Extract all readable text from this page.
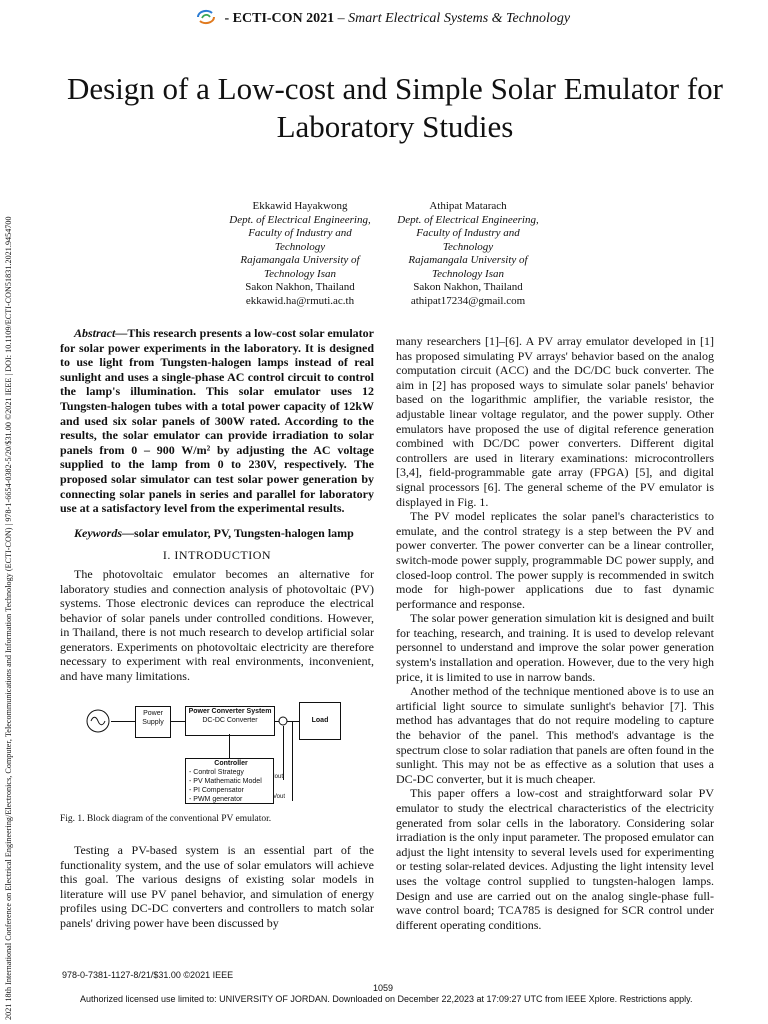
2021 18th International Conference on Electrical Engineering/Electronics, Computer, Telecommunications and Information Technology (ECTI-CON) | 978-1-6654-0382-5/20/$31.00 ©2021 IEEE | DOI: 10.1109/ECTI-CON51831.2021.9454700
- ECTI-CON 2021 – Smart Electrical Systems & Technology
Design of a Low-cost and Simple Solar Emulator for Laboratory Studies
Ekkawid Hayakwong
Dept. of Electrical Engineering,
Faculty of Industry and
Technology
Rajamangala University of
Technology Isan
Sakon Nakhon, Thailand
ekkawid.ha@rmuti.ac.th
Athipat Matarach
Dept. of Electrical Engineering,
Faculty of Industry and
Technology
Rajamangala University of
Technology Isan
Sakon Nakhon, Thailand
athipat17234@gmail.com

Abstract—This research presents a low-cost solar emulator for solar power experiments in the laboratory. It is designed to use light from Tungsten-halogen lamps instead of real sunlight and uses a single-phase AC control circuit to control the lamp's illumination. This solar emulator uses 12 Tungsten-halogen tubes with a total power capacity of 12kW and used six solar panels of 300W rated. According to the results, the solar emulator can provide irradiation to solar panels from 0 – 900 W/m² by adjusting the AC voltage supplied to the lamp from 0 to 230V, respectively. The proposed solar simulator can test solar power generation by connecting solar panels in series and parallel for laboratory use at a satisfactory level from the experimental results.

Keywords—solar emulator, PV, Tungsten-halogen lamp

I. INTRODUCTION

The photovoltaic emulator becomes an alternative for laboratory studies and connection analysis of photovoltaic (PV) systems. Those electronic devices can reproduce the electrical behavior of solar panels under controlled conditions. However, in Thailand, there is not much research to develop artificial solar generators. Experiments on photovoltaic electricity are therefore necessary to experiment with real environments, inconvenient, and have many limitations.

Power Supply
Power Converter System
DC-DC Converter	Load
Controller
- Control Strategy
- PV Mathematic Model
- PI Compensator
- PWM generator
Iout
Vout
Fig. 1. Block diagram of the conventional PV emulator.

Testing a PV-based system is an essential part of the functionality system, and the use of solar emulators will achieve this goal. The various designs of existing solar models in literature will use PV panel behavior, and simulation of energy profiles using DC-DC converters and controllers to match solar panels' driving power have been discussed by

many researchers [1]–[6]. A PV array emulator developed in [1] has proposed simulating PV arrays' behavior based on the analog computation circuit (ACC) and the DC/DC buck converter. The aim in [2] has proposed ways to simulate solar panels' behavior based on the logarithmic amplifier, the variable resistor, the adjustable linear voltage regulator, and the power supply. Other emulators have proposed the use of digital reference generation combined with DC/DC power converters. Different digital controllers are used in literary examinations: microcontrollers [3,4], field-programmable gate array (FPGA) [5], and digital signal processors [6]. The general scheme of the PV emulator is displayed in Fig. 1.

The PV model replicates the solar panel's characteristics to emulate, and the control strategy is a step between the PV and power converter. The power converter can be a linear controller, switch-mode power supply, programmable DC power supply, and closed-loop control. The power supply is recommended in switch mode for high-power applications due to fast dynamic performance and response.

The solar power generation simulation kit is designed and built for teaching, research, and training. It is used to develop relevant personnel to understand and improve the solar power generation system's installation and operation. However, due to the very high price, it is limited to use in narrow bands.

Another method of the technique mentioned above is to use an artificial light source to simulate sunlight's behavior [7]. This method has advantages that do not require modeling to capture the behavior of the panel. This method's advantage is the spectrum close to solar radiation that panels are often found in the sunlight. This may not be as effective as a solution that uses a DC-DC converter, but it is much cheaper.

This paper offers a low-cost and straightforward solar PV emulator to study the electrical characteristics of the electricity generated from solar cells in the laboratory. Considering solar irradiation is the only input parameter. The proposed emulator can adjust the light intensity to several levels used for experimenting or testing solar-related devices. Adjusting the light intensity level uses the voltage control supplied to tungsten-halogen lamps. Design and use are carried out on the analog single-phase full-wave control board; TCA785 is designed for SCR control under different operating conditions.

978-0-7381-1127-8/21/$31.00 ©2021 IEEE
1059
Authorized licensed use limited to: UNIVERSITY OF JORDAN. Downloaded on December 22,2023 at 17:09:27 UTC from IEEE Xplore. Restrictions apply.
